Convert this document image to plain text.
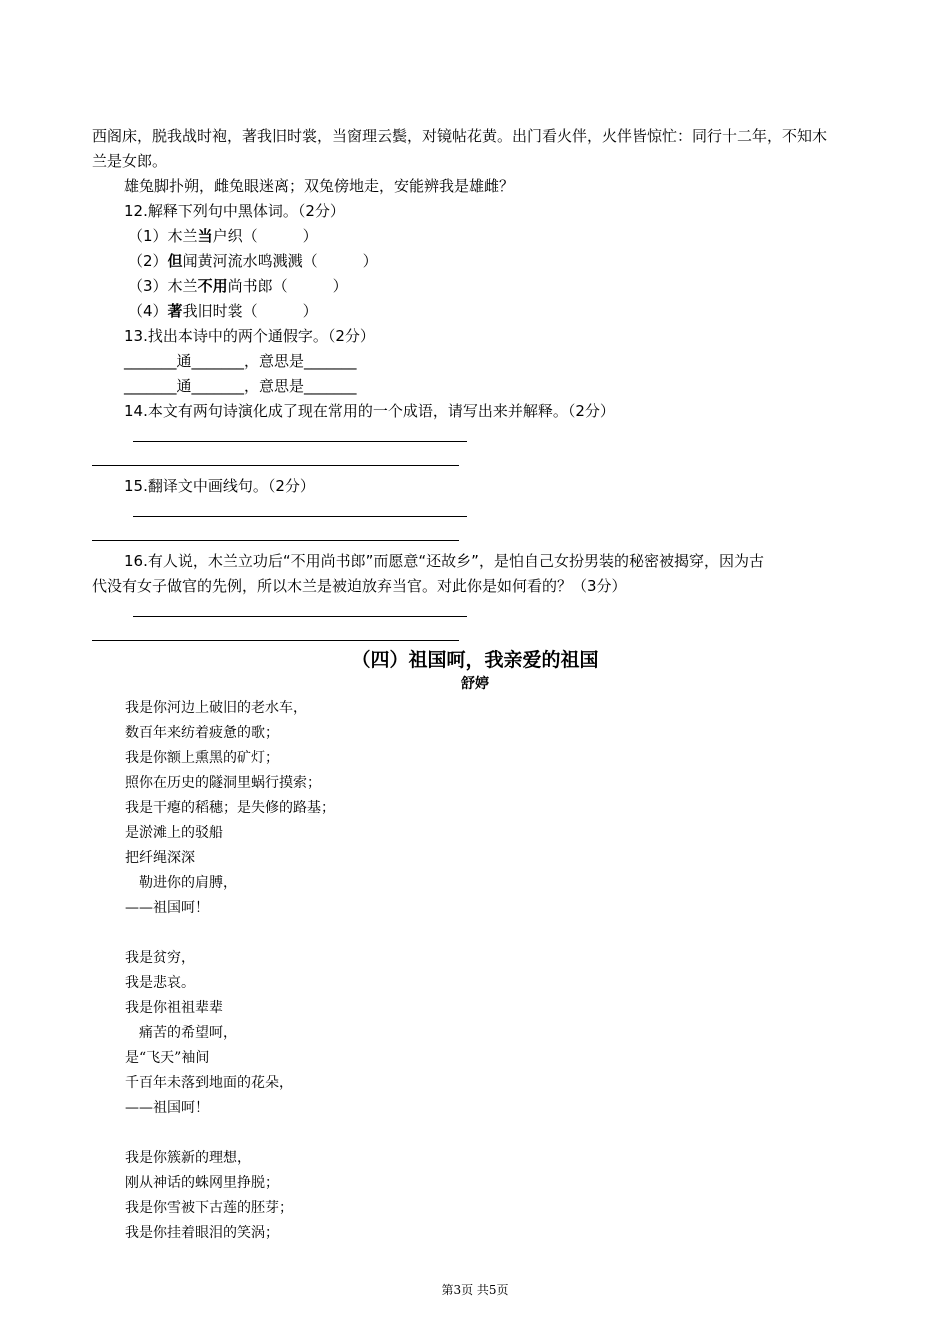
西阁床，脱我战时袍，著我旧时裳，当窗理云鬓，对镜帖花黄。出门看火伴，火伴皆惊忙：同行十二年，不知木
兰是女郎。
雄兔脚扑朔，雌兔眼迷离；双兔傍地走，安能辨我是雄雌？
12.解释下列句中黑体词。（2分）
（1）木兰当户织（　　　）
（2）但闻黄河流水鸣溅溅（　　　）
（3）木兰不用尚书郎（　　　）
（4）著我旧时裳（　　　）
13.找出本诗中的两个通假字。（2分）
_______通_______，意思是_______
_______通_______，意思是_______
14.本文有两句诗演化成了现在常用的一个成语，请写出来并解释。（2分）
15.翻译文中画线句。（2分）
16.有人说，木兰立功后“不用尚书郎”而愿意“还故乡”，是怕自己女扮男装的秘密被揭穿，因为古
代没有女子做官的先例，所以木兰是被迫放弃当官。对此你是如何看的？（3分）
（四）祖国呵，我亲爱的祖国
舒婷
我是你河边上破旧的老水车，
数百年来纺着疲惫的歌；
我是你额上熏黑的矿灯；
照你在历史的隧洞里蜗行摸索；
我是干瘪的稻穗；是失修的路基；
是淤滩上的驳船
把纤绳深深
　勒进你的肩膊，
——祖国呵！
我是贫穷，
我是悲哀。
我是你祖祖辈辈
　痛苦的希望呵，
是“飞天”袖间
千百年未落到地面的花朵，
——祖国呵！
我是你簇新的理想，
刚从神话的蛛网里挣脱；
我是你雪被下古莲的胚芽；
我是你挂着眼泪的笑涡；
第3页 共5页
